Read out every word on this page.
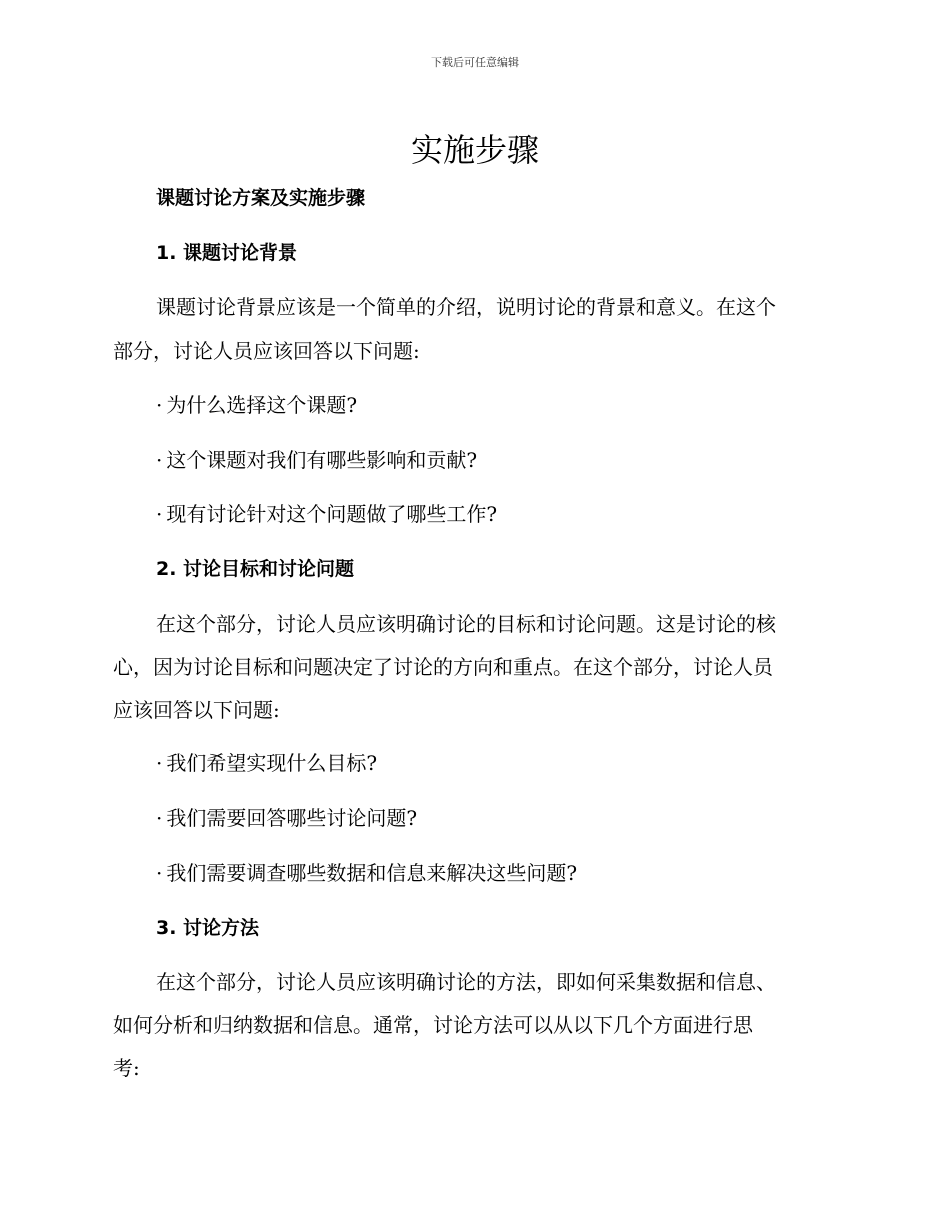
下载后可任意编辑
实施步骤
课题讨论方案及实施步骤
1. 课题讨论背景
课题讨论背景应该是一个简单的介绍，说明讨论的背景和意义。在这个
部分，讨论人员应该回答以下问题:
· 为什么选择这个课题?
· 这个课题对我们有哪些影响和贡献?
· 现有讨论针对这个问题做了哪些工作?
2. 讨论目标和讨论问题
在这个部分，讨论人员应该明确讨论的目标和讨论问题。这是讨论的核
心，因为讨论目标和问题决定了讨论的方向和重点。在这个部分，讨论人员
应该回答以下问题:
· 我们希望实现什么目标?
· 我们需要回答哪些讨论问题?
· 我们需要调查哪些数据和信息来解决这些问题?
3. 讨论方法
在这个部分，讨论人员应该明确讨论的方法，即如何采集数据和信息、
如何分析和归纳数据和信息。通常，讨论方法可以从以下几个方面进行思
考:
